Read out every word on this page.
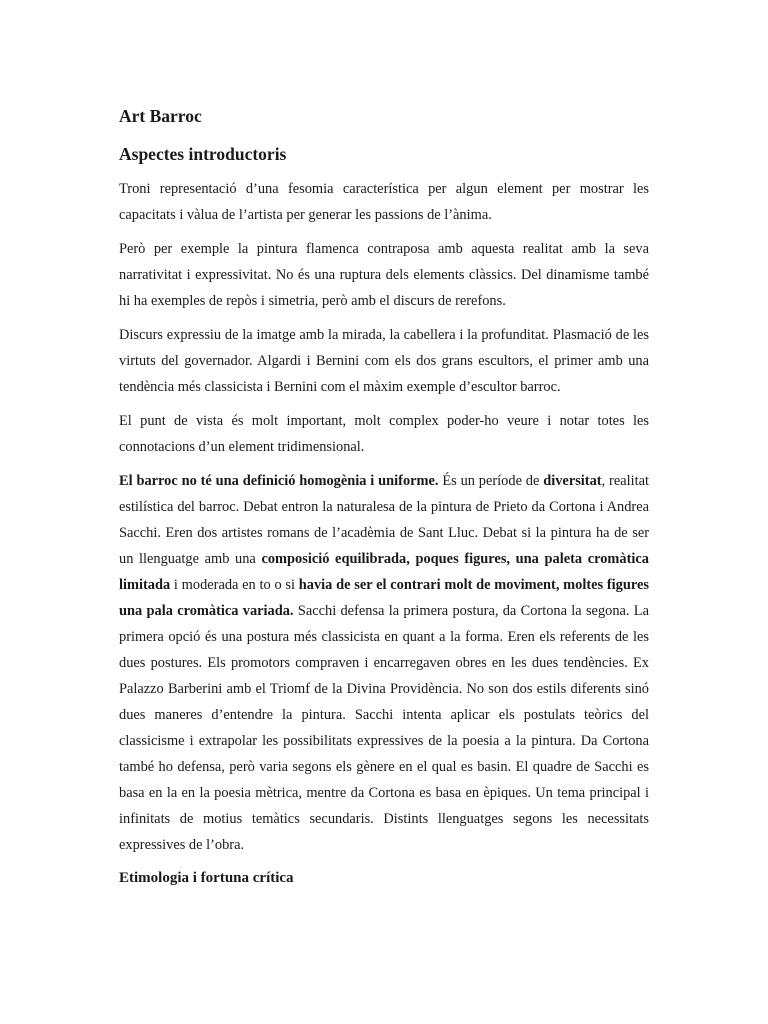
Art Barroc
Aspectes introductoris

Troni representació d’una fesomia característica per algun element per mostrar les capacitats i vàlua de l’artista per generar les passions de l’ànima.

Però per exemple la pintura flamenca contraposa amb aquesta realitat amb la seva narrativitat i expressivitat. No és una ruptura dels elements clàssics. Del dinamisme també hi ha exemples de repòs i simetria, però amb el discurs de rerefons.

Discurs expressiu de la imatge amb la mirada, la cabellera i la profunditat. Plasmació de les virtuts del governador. Algardi i Bernini com els dos grans escultors, el primer amb una tendència més classicista i Bernini com el màxim exemple d’escultor barroc.

El punt de vista és molt important, molt complex poder-ho veure i notar totes les connotacions d’un element tridimensional.

El barroc no té una definició homogènia i uniforme. És un període de diversitat, realitat estilística del barroc. Debat entron la naturalesa de la pintura de Prieto da Cortona i Andrea Sacchi. Eren dos artistes romans de l’acadèmia de Sant Lluc. Debat si la pintura ha de ser un llenguatge amb una composició equilibrada, poques figures, una paleta cromàtica limitada i moderada en to o si havia de ser el contrari molt de moviment, moltes figures una pala cromàtica variada. Sacchi defensa la primera postura, da Cortona la segona. La primera opció és una postura més classicista en quant a la forma. Eren els referents de les dues postures. Els promotors compraven i encarregaven obres en les dues tendències. Ex Palazzo Barberini amb el Triomf de la Divina Providència. No son dos estils diferents sinó dues maneres d’entendre la pintura. Sacchi intenta aplicar els postulats teòrics del classicisme i extrapolar les possibilitats expressives de la poesia a la pintura. Da Cortona també ho defensa, però varia segons els gènere en el qual es basin. El quadre de Sacchi es basa en la en la poesia mètrica, mentre da Cortona es basa en èpiques. Un tema principal i infinitats de motius temàtics secundaris. Distints llenguatges segons les necessitats expressives de l’obra.

Etimologia i fortuna crítica
